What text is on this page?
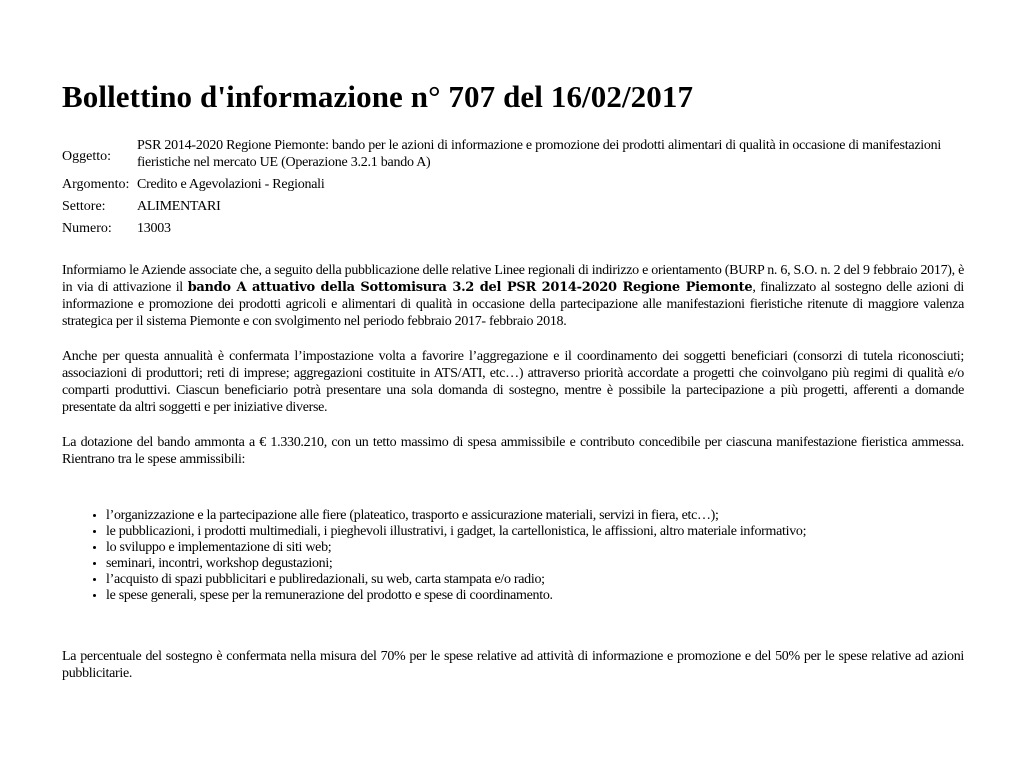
Bollettino d'informazione n° 707 del 16/02/2017
Oggetto:	PSR 2014-2020 Regione Piemonte: bando per le azioni di informazione e promozione dei prodotti alimentari di qualità in occasione di manifestazioni fieristiche nel mercato UE (Operazione 3.2.1 bando A)
Argomento:	Credito e Agevolazioni - Regionali
Settore:	ALIMENTARI
Numero:	13003

Informiamo le Aziende associate che, a seguito della pubblicazione delle relative Linee regionali di indirizzo e orientamento (BURP n. 6, S.O. n. 2 del 9 febbraio 2017), è in via di attivazione il bando A attuativo della Sottomisura 3.2 del PSR 2014-2020 Regione Piemonte, finalizzato al sostegno delle azioni di informazione e promozione dei prodotti agricoli e alimentari di qualità in occasione della partecipazione alle manifestazioni fieristiche ritenute di maggiore valenza strategica per il sistema Piemonte e con svolgimento nel periodo febbraio 2017- febbraio 2018.

Anche per questa annualità è confermata l’impostazione volta a favorire l’aggregazione e il coordinamento dei soggetti beneficiari (consorzi di tutela riconosciuti; associazioni di produttori; reti di imprese; aggregazioni costituite in ATS/ATI, etc…) attraverso priorità accordate a progetti che coinvolgano più regimi di qualità e/o comparti produttivi. Ciascun beneficiario potrà presentare una sola domanda di sostegno, mentre è possibile la partecipazione a più progetti, afferenti a domande presentate da altri soggetti e per iniziative diverse.

La dotazione del bando ammonta a € 1.330.210, con un tetto massimo di spesa ammissibile e contributo concedibile per ciascuna manifestazione fieristica ammessa. Rientrano tra le spese ammissibili:

• l’organizzazione e la partecipazione alle fiere (plateatico, trasporto e assicurazione materiali, servizi in fiera, etc…);
• le pubblicazioni, i prodotti multimediali, i pieghevoli illustrativi, i gadget, la cartellonistica, le affissioni, altro materiale informativo;
• lo sviluppo e implementazione di siti web;
• seminari, incontri, workshop degustazioni;
• l’acquisto di spazi pubblicitari e publiredazionali, su web, carta stampata e/o radio;
• le spese generali, spese per la remunerazione del prodotto e spese di coordinamento.

La percentuale del sostegno è confermata nella misura del 70% per le spese relative ad attività di informazione e promozione e del 50% per le spese relative ad azioni pubblicitarie.
